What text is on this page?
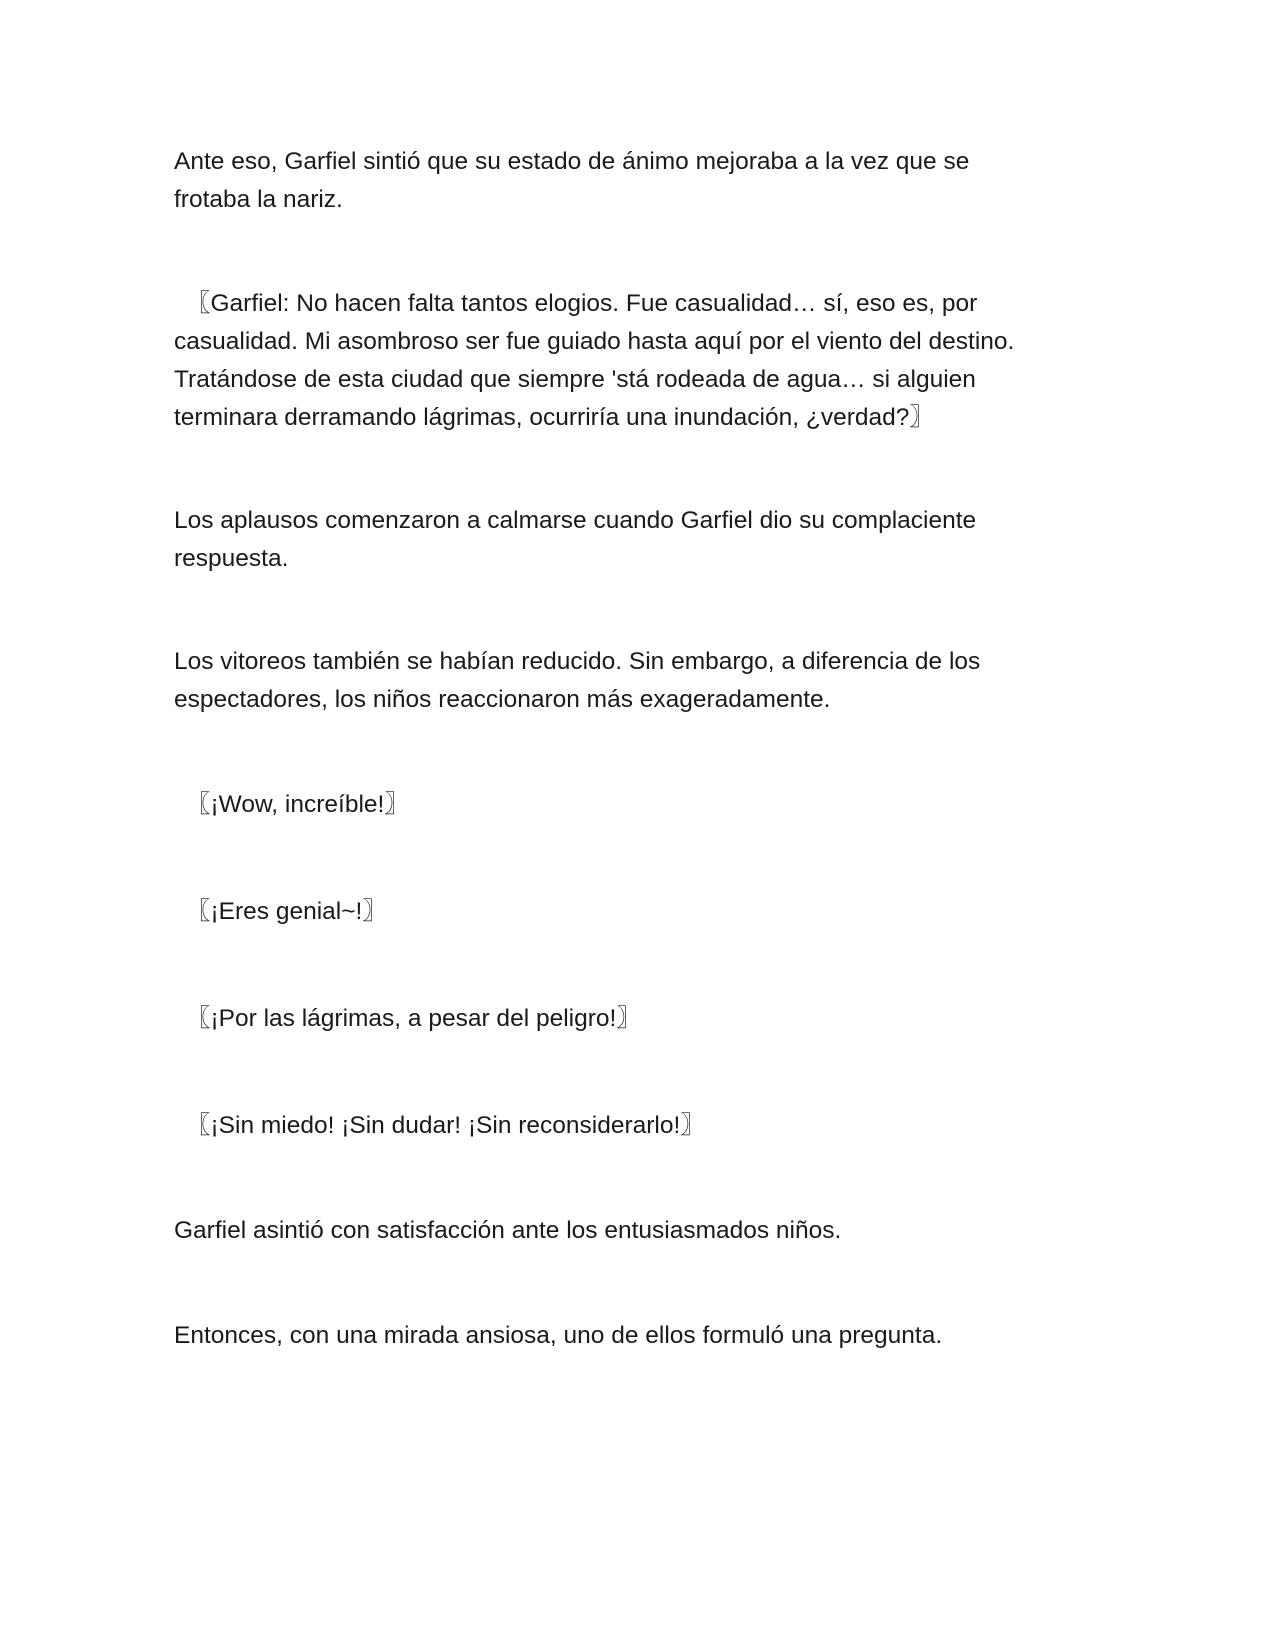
Ante eso, Garfiel sintió que su estado de ánimo mejoraba a la vez que se
frotaba la nariz.

〖Garfiel: No hacen falta tantos elogios. Fue casualidad… sí, eso es, por
casualidad. Mi asombroso ser fue guiado hasta aquí por el viento del destino.
Tratándose de esta ciudad que siempre 'stá rodeada de agua… si alguien
terminara derramando lágrimas, ocurriría una inundación, ¿verdad?〗

Los aplausos comenzaron a calmarse cuando Garfiel dio su complaciente
respuesta.

Los vitoreos también se habían reducido. Sin embargo, a diferencia de los
espectadores, los niños reaccionaron más exageradamente.

〖¡Wow, increíble!〗

〖¡Eres genial~!〗

〖¡Por las lágrimas, a pesar del peligro!〗

〖¡Sin miedo! ¡Sin dudar! ¡Sin reconsiderarlo!〗

Garfiel asintió con satisfacción ante los entusiasmados niños.

Entonces, con una mirada ansiosa, uno de ellos formuló una pregunta.
